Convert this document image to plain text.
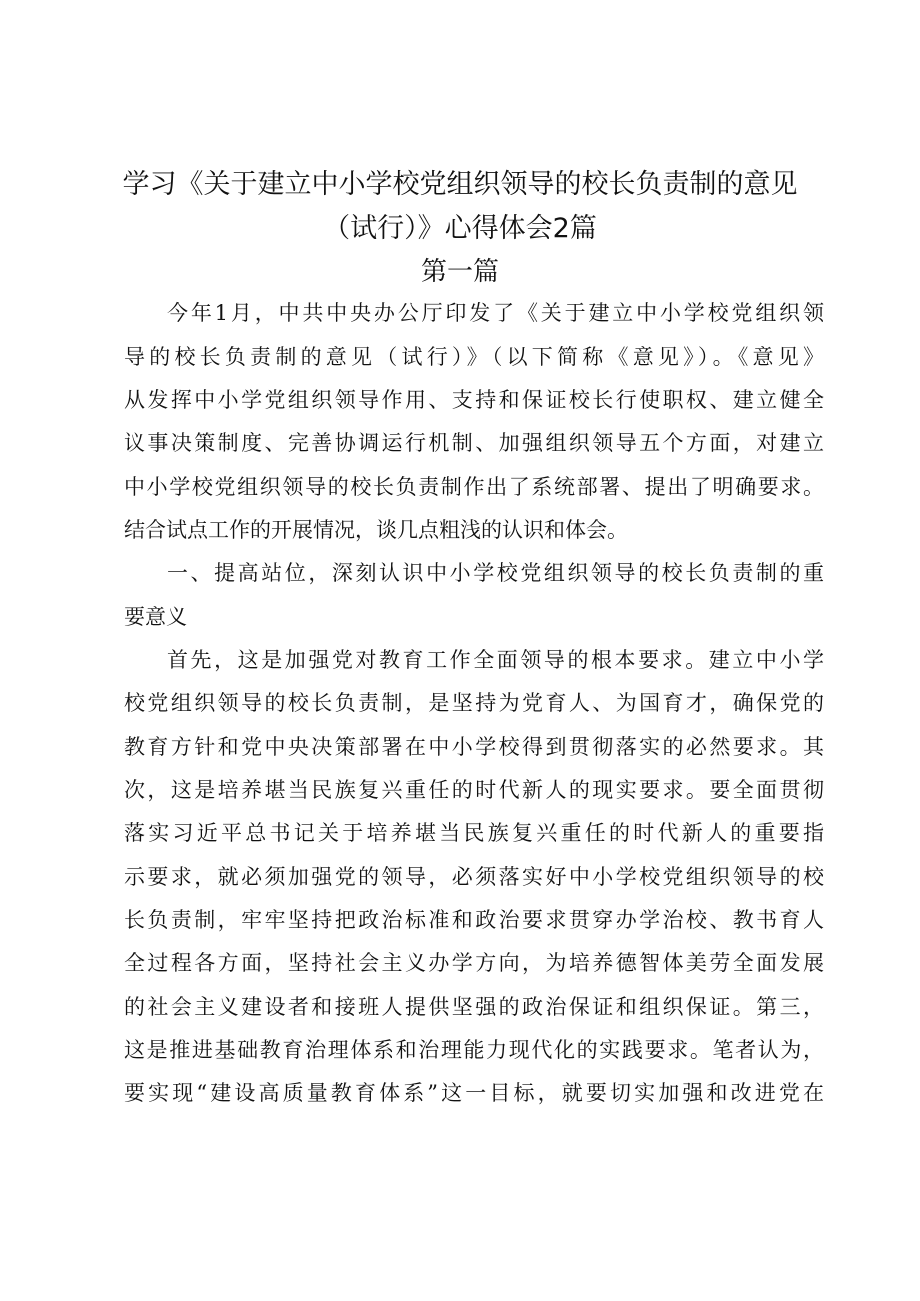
学习《关于建立中小学校党组织领导的校长负责制的意见
（试行）》心得体会2篇
第一篇
今年1月，中共中央办公厅印发了《关于建立中小学校党组织领
导的校长负责制的意见（试行）》（以下简称《意见》）。《意见》
从发挥中小学党组织领导作用、支持和保证校长行使职权、建立健全
议事决策制度、完善协调运行机制、加强组织领导五个方面，对建立
中小学校党组织领导的校长负责制作出了系统部署、提出了明确要求。
结合试点工作的开展情况，谈几点粗浅的认识和体会。
一、提高站位，深刻认识中小学校党组织领导的校长负责制的重
要意义
首先，这是加强党对教育工作全面领导的根本要求。建立中小学
校党组织领导的校长负责制，是坚持为党育人、为国育才，确保党的
教育方针和党中央决策部署在中小学校得到贯彻落实的必然要求。其
次，这是培养堪当民族复兴重任的时代新人的现实要求。要全面贯彻
落实习近平总书记关于培养堪当民族复兴重任的时代新人的重要指
示要求，就必须加强党的领导，必须落实好中小学校党组织领导的校
长负责制，牢牢坚持把政治标准和政治要求贯穿办学治校、教书育人
全过程各方面，坚持社会主义办学方向，为培养德智体美劳全面发展
的社会主义建设者和接班人提供坚强的政治保证和组织保证。第三，
这是推进基础教育治理体系和治理能力现代化的实践要求。笔者认为，
要实现“建设高质量教育体系”这一目标，就要切实加强和改进党在
